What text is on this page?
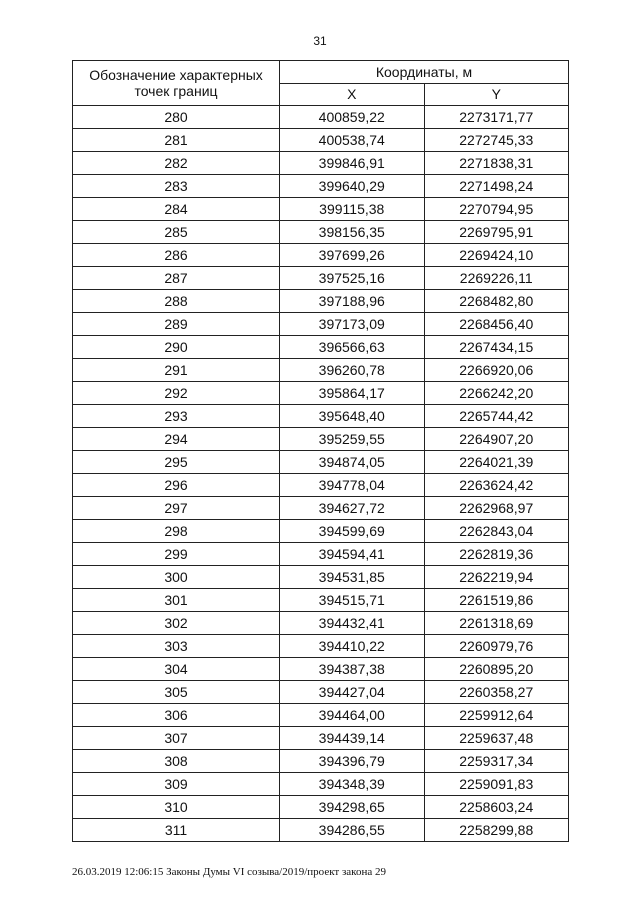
31
Обозначение характерных точек границ	Координаты, м	
	X	Y
280	400859,22	2273171,77
281	400538,74	2272745,33
282	399846,91	2271838,31
283	399640,29	2271498,24
284	399115,38	2270794,95
285	398156,35	2269795,91
286	397699,26	2269424,10
287	397525,16	2269226,11
288	397188,96	2268482,80
289	397173,09	2268456,40
290	396566,63	2267434,15
291	396260,78	2266920,06
292	395864,17	2266242,20
293	395648,40	2265744,42
294	395259,55	2264907,20
295	394874,05	2264021,39
296	394778,04	2263624,42
297	394627,72	2262968,97
298	394599,69	2262843,04
299	394594,41	2262819,36
300	394531,85	2262219,94
301	394515,71	2261519,86
302	394432,41	2261318,69
303	394410,22	2260979,76
304	394387,38	2260895,20
305	394427,04	2260358,27
306	394464,00	2259912,64
307	394439,14	2259637,48
308	394396,79	2259317,34
309	394348,39	2259091,83
310	394298,65	2258603,24
311	394286,55	2258299,88
26.03.2019 12:06:15 Законы Думы VI созыва/2019/проект закона 29
